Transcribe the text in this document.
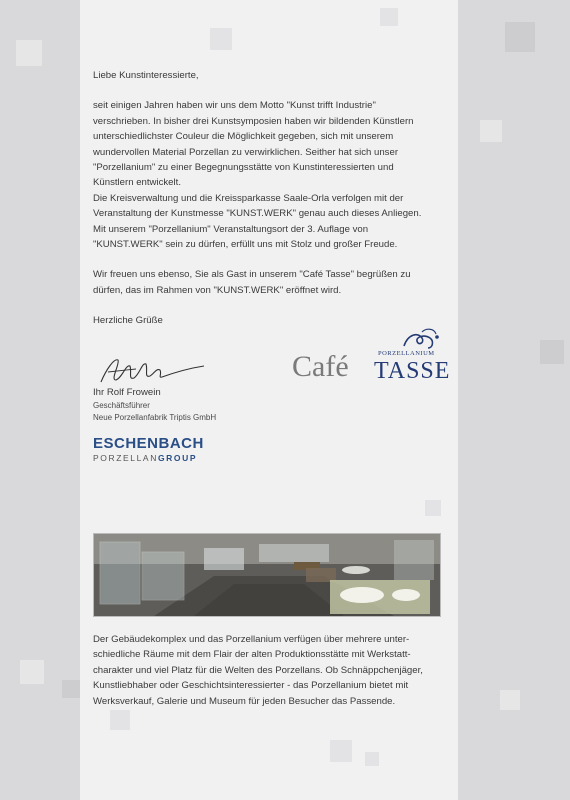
Liebe Kunstinteressierte,

seit einigen Jahren haben wir uns dem Motto "Kunst trifft Industrie"

verschrieben. In bisher drei Kunstsymposien haben wir bildenden Künstlern

unterschiedlichster Couleur die Möglichkeit gegeben, sich mit unserem

wundervollen Material Porzellan zu verwirklichen. Seither hat sich unser

"Porzellanium" zu einer Begegnungsstätte von Kunstinteressierten und

Künstlern entwickelt.

Die Kreisverwaltung und die Kreissparkasse Saale-Orla verfolgen mit der

Veranstaltung der Kunstmesse "KUNST.WERK" genau auch dieses Anliegen.

Mit unserem "Porzellanium" Veranstaltungsort der 3. Auflage von

"KUNST.WERK" sein zu dürfen, erfüllt uns mit Stolz und großer Freude.

Wir freuen uns ebenso, Sie als Gast in unserem "Café Tasse" begrüßen zu

dürfen, das im Rahmen von "KUNST.WERK" eröffnet wird.

Herzliche Grüße

Ihr Rolf Frowein
Geschäftsführer
Neue Porzellanfabrik Triptis GmbH
ESCHENBACH
PORZELLANGROUP
Café	PORZELLANIUM
TASSE
Der Gebäudekomplex und das Porzellanium verfügen über mehrere unter-
schiedliche Räume mit dem Flair der alten Produktionsstätte mit Werkstatt-
charakter und viel Platz für die Welten des Porzellans. Ob Schnäppchenjäger,
Kunstliebhaber oder Geschichtsinteressierter - das Porzellanium bietet mit
Werksverkauf, Galerie und Museum für jeden Besucher das Passende.
